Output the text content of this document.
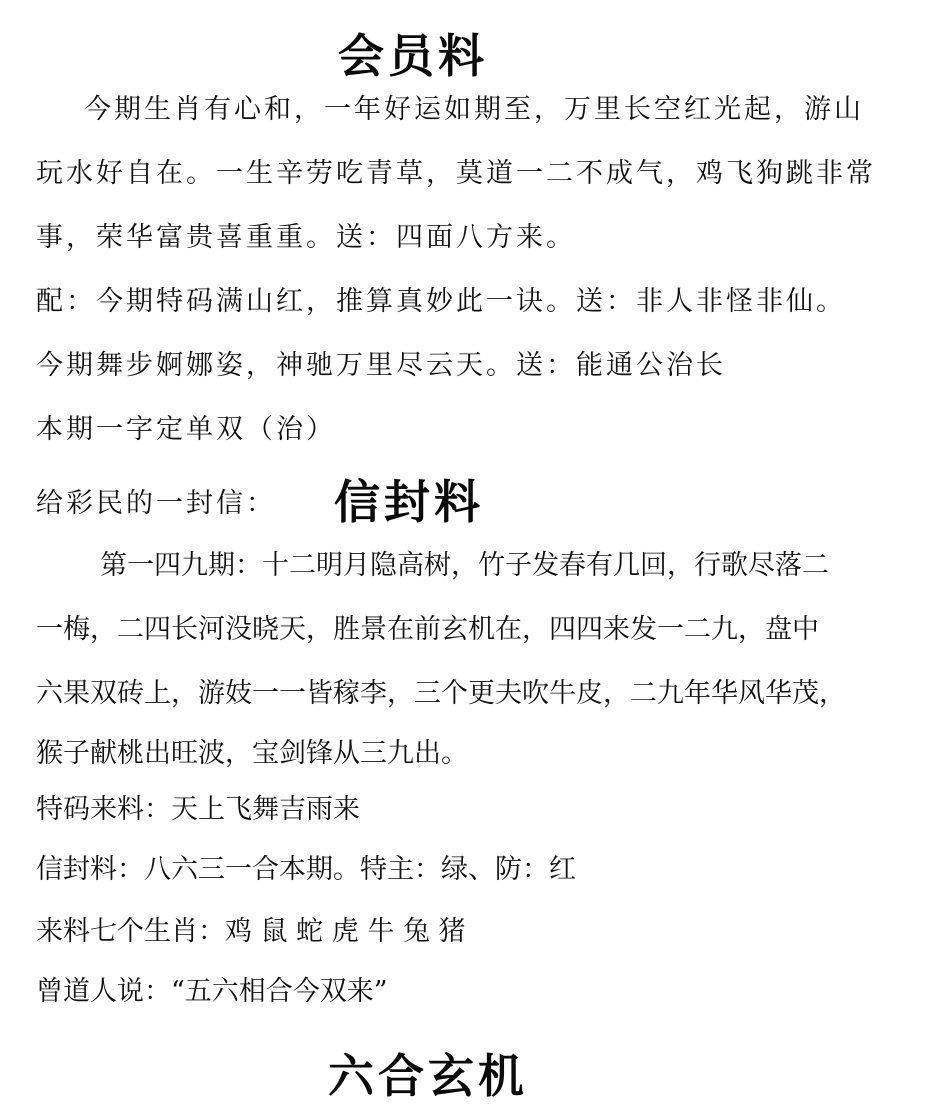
会员料
今期生肖有心和，一年好运如期至，万里长空红光起，游山
玩水好自在。一生辛劳吃青草，莫道一二不成气，鸡飞狗跳非常
事，荣华富贵喜重重。送：四面八方来。
配：今期特码满山红，推算真妙此一诀。送：非人非怪非仙。
今期舞步婀娜姿，神驰万里尽云天。送：能通公治长
本期一字定单双（治）
给彩民的一封信： 信封料
第一四九期：十二明月隐高树，竹子发春有几回，行歌尽落二
一梅，二四长河没晓天，胜景在前玄机在，四四来发一二九，盘中
六果双砖上，游妓一一皆稼李，三个更夫吹牛皮，二九年华风华茂，
猴子献桃出旺波，宝剑锋从三九出。
特码来料：天上飞舞吉雨来
信封料：八六三一合本期。特主：绿、防：红
来料七个生肖：鸡 鼠 蛇 虎 牛 兔 猪
曾道人说：“五六相合今双来”
六合玄机
